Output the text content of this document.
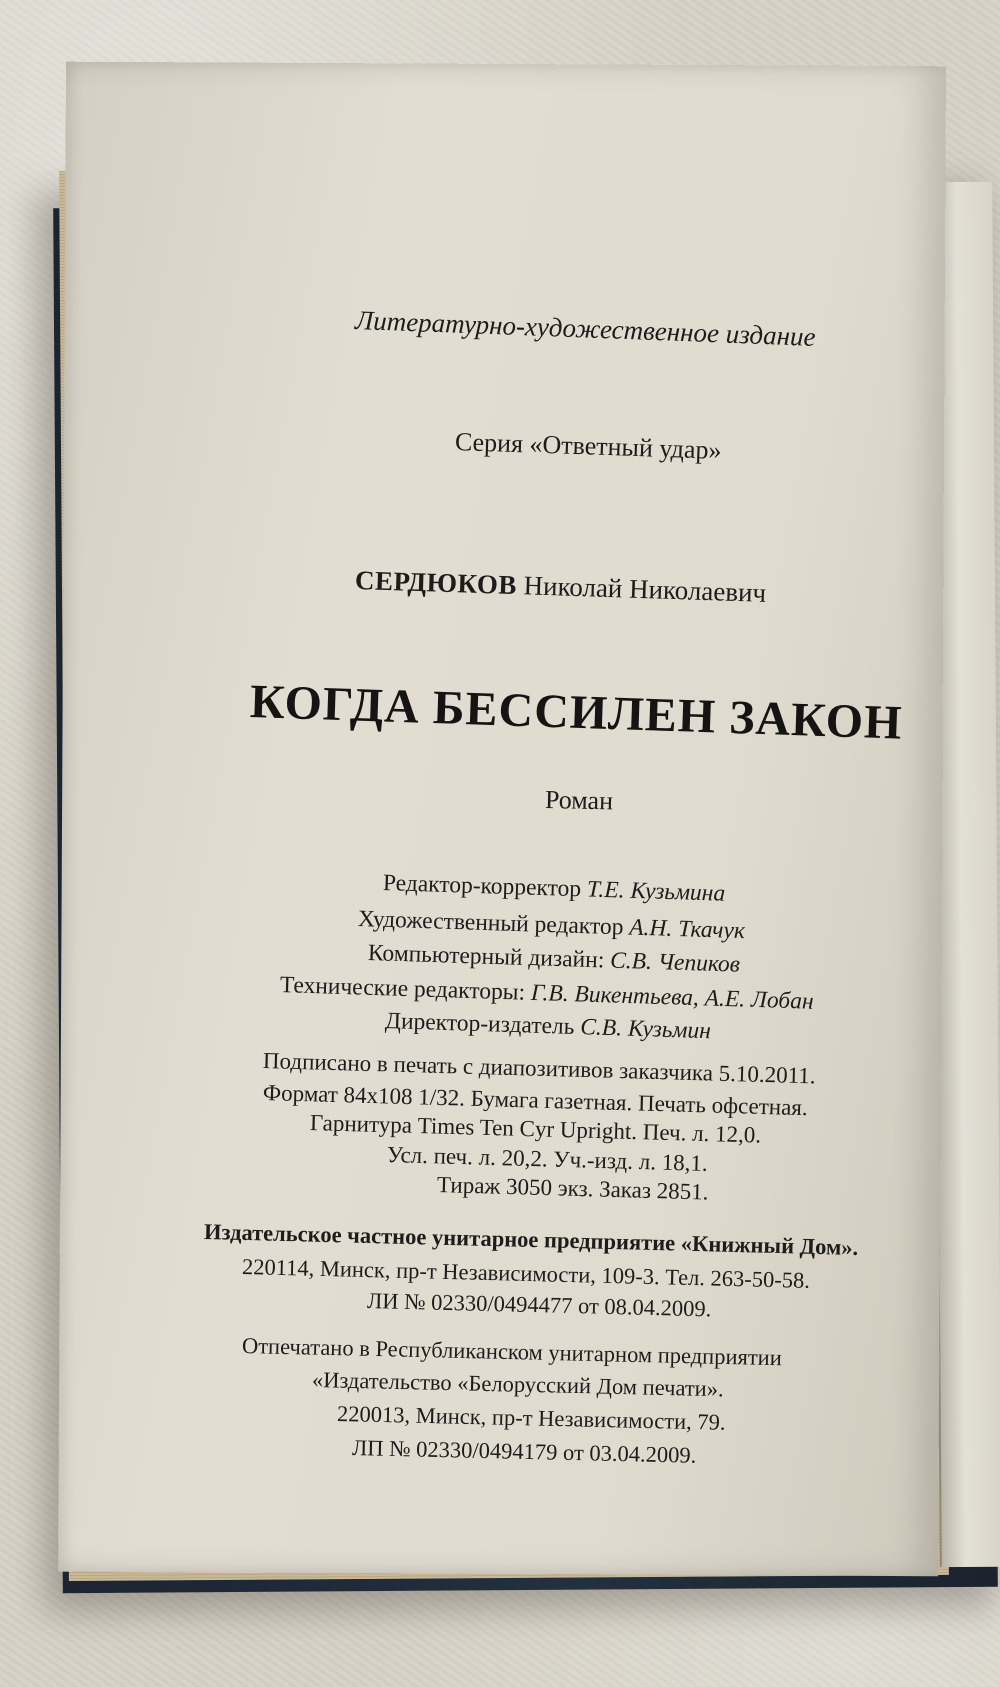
Литературно-художественное издание
Серия «Ответный удар»
СЕРДЮКОВ Николай Николаевич
КОГДА БЕССИЛЕН ЗАКОН
Роман
Редактор-корректор Т.Е. Кузьмина
Художественный редактор А.Н. Ткачук
Компьютерный дизайн: С.В. Чепиков
Технические редакторы: Г.В. Викентьева, А.Е. Лобан
Директор-издатель С.В. Кузьмин
Подписано в печать с диапозитивов заказчика 5.10.2011.
Формат 84х108 1/32. Бумага газетная. Печать офсетная.
Гарнитура Times Ten Cyr Upright. Печ. л. 12,0.
Усл. печ. л. 20,2. Уч.-изд. л. 18,1.
Тираж 3050 экз. Заказ 2851.
Издательское частное унитарное предприятие «Книжный Дом».
220114, Минск, пр-т Независимости, 109-3. Тел. 263-50-58.
ЛИ № 02330/0494477 от 08.04.2009.
Отпечатано в Республиканском унитарном предприятии
«Издательство «Белорусский Дом печати».
220013, Минск, пр-т Независимости, 79.
ЛП № 02330/0494179 от 03.04.2009.
